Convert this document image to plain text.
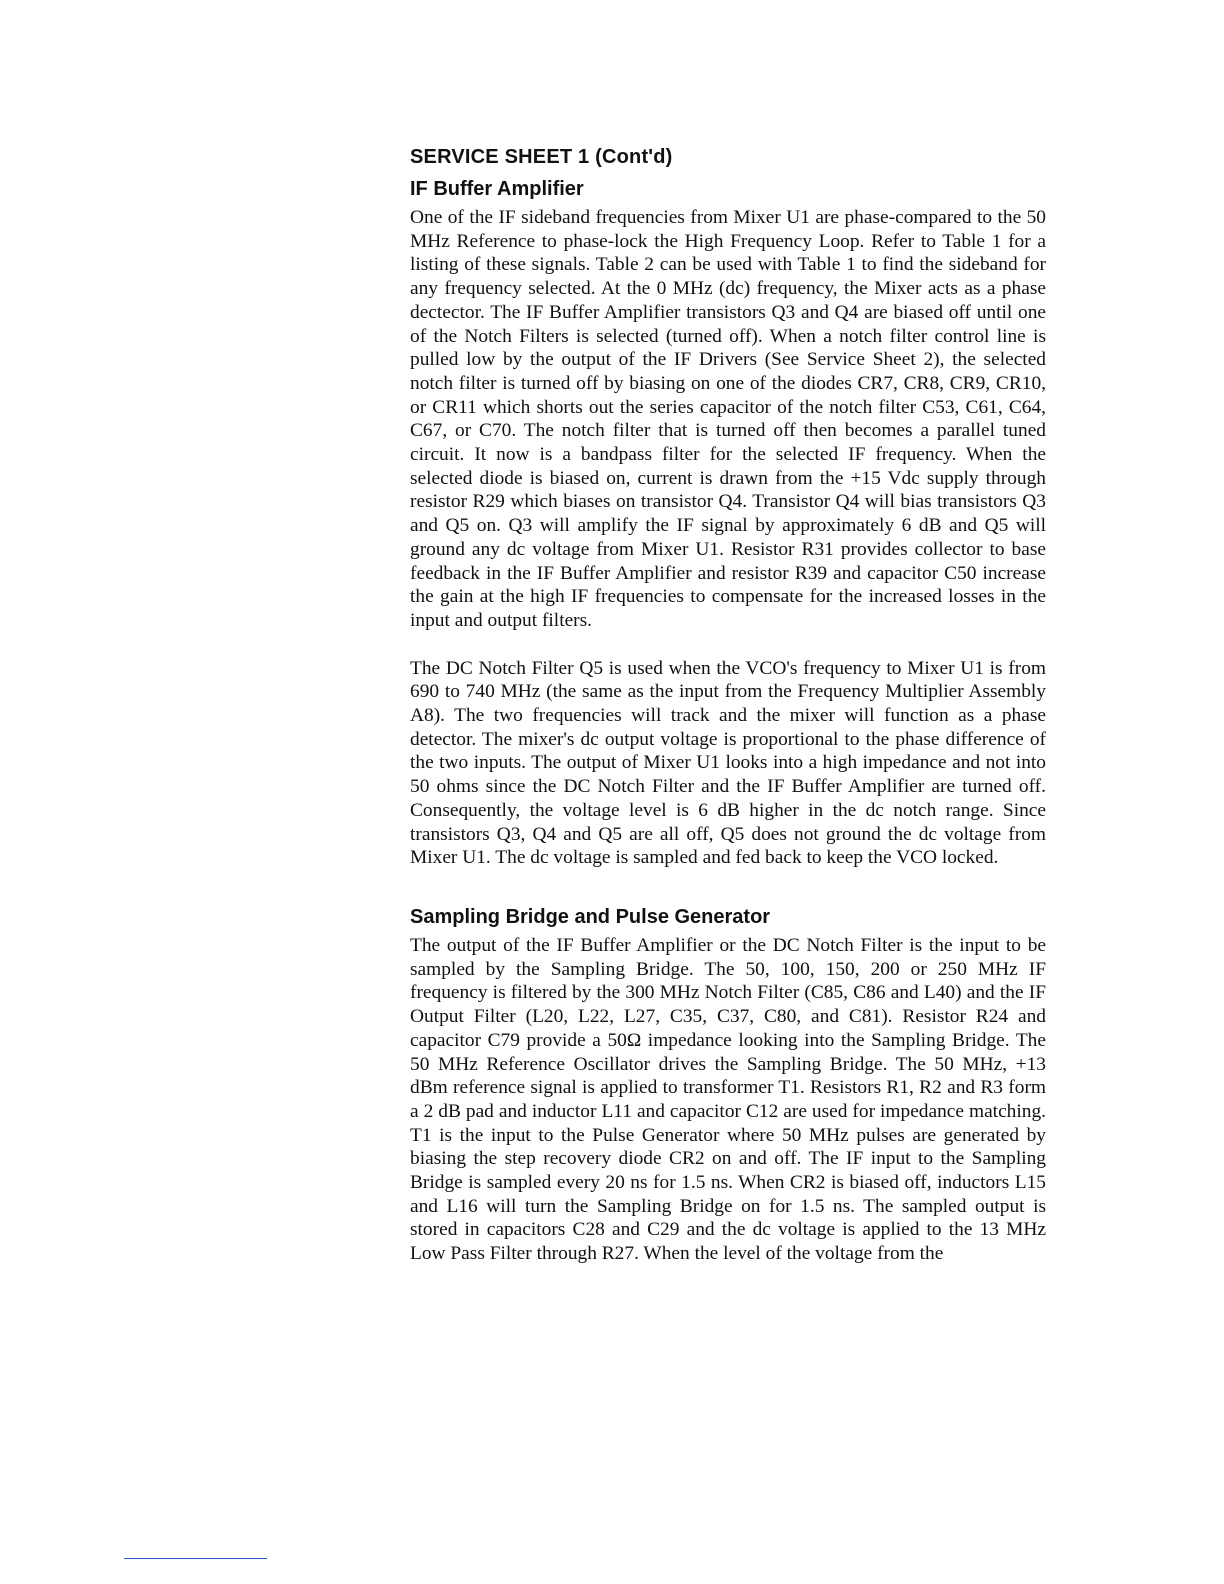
SERVICE SHEET 1 (Cont'd)
IF Buffer Amplifier

One of the IF sideband frequencies from Mixer U1 are phase-compared to the 50 MHz Reference to phase-lock the High Frequency Loop. Refer to Table 1 for a listing of these signals. Table 2 can be used with Table 1 to find the sideband for any frequency selected. At the 0 MHz (dc) frequency, the Mixer acts as a phase dectector. The IF Buffer Amplifier transistors Q3 and Q4 are biased off until one of the Notch Filters is selected (turned off). When a notch filter control line is pulled low by the output of the IF Drivers (See Service Sheet 2), the selected notch filter is turned off by biasing on one of the diodes CR7, CR8, CR9, CR10, or CR11 which shorts out the series capacitor of the notch filter C53, C61, C64, C67, or C70. The notch filter that is turned off then becomes a parallel tuned circuit. It now is a bandpass filter for the selected IF frequency. When the selected diode is biased on, current is drawn from the +15 Vdc supply through resistor R29 which biases on transistor Q4. Transistor Q4 will bias transistors Q3 and Q5 on. Q3 will amplify the IF signal by approximately 6 dB and Q5 will ground any dc voltage from Mixer U1. Resistor R31 provides collector to base feedback in the IF Buffer Amplifier and resistor R39 and capacitor C50 increase the gain at the high IF frequencies to compensate for the increased losses in the input and output filters.

The DC Notch Filter Q5 is used when the VCO's frequency to Mixer U1 is from 690 to 740 MHz (the same as the input from the Frequency Multiplier Assembly A8). The two frequencies will track and the mixer will function as a phase detector. The mixer's dc output voltage is proportional to the phase difference of the two inputs. The output of Mixer U1 looks into a high impedance and not into 50 ohms since the DC Notch Filter and the IF Buffer Amplifier are turned off. Consequently, the voltage level is 6 dB higher in the dc notch range. Since transistors Q3, Q4 and Q5 are all off, Q5 does not ground the dc voltage from Mixer U1. The dc voltage is sampled and fed back to keep the VCO locked.

Sampling Bridge and Pulse Generator

The output of the IF Buffer Amplifier or the DC Notch Filter is the input to be sampled by the Sampling Bridge. The 50, 100, 150, 200 or 250 MHz IF frequency is filtered by the 300 MHz Notch Filter (C85, C86 and L40) and the IF Output Filter (L20, L22, L27, C35, C37, C80, and C81). Resistor R24 and capacitor C79 provide a 50Ω impedance looking into the Sampling Bridge. The 50 MHz Reference Oscillator drives the Sampling Bridge. The 50 MHz, +13 dBm reference signal is applied to transformer T1. Resistors R1, R2 and R3 form a 2 dB pad and inductor L11 and capacitor C12 are used for impedance matching. T1 is the input to the Pulse Generator where 50 MHz pulses are generated by biasing the step recovery diode CR2 on and off. The IF input to the Sampling Bridge is sampled every 20 ns for 1.5 ns. When CR2 is biased off, inductors L15 and L16 will turn the Sampling Bridge on for 1.5 ns. The sampled output is stored in capacitors C28 and C29 and the dc voltage is applied to the 13 MHz Low Pass Filter through R27. When the level of the voltage from the
